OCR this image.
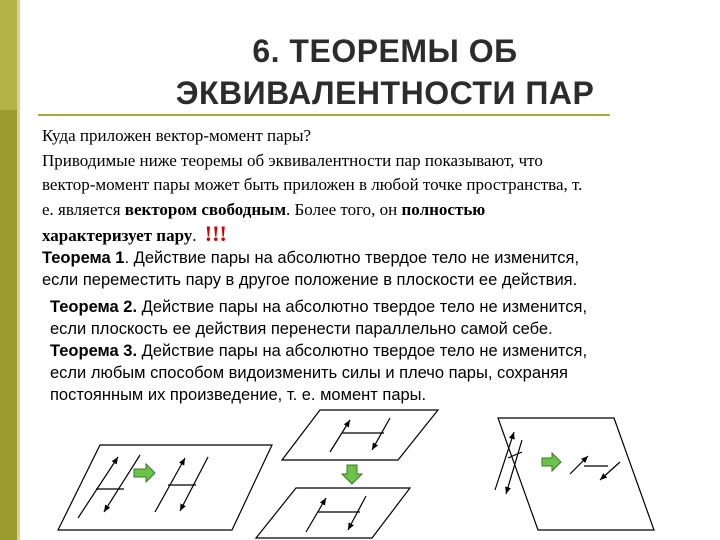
6. ТЕОРЕМЫ ОБ
ЭКВИВАЛЕНТНОСТИ ПАР

Куда приложен вектор-момент пары?

Приводимые ниже теоремы об эквивалентности пар показывают, что

вектор-момент пары может быть приложен в любой точке пространства, т.

е. является вектором свободным. Более того, он полностью

характеризует пару. !!!

Теорема 1. Действие пары на абсолютно твердое тело не изменится,

если переместить пару в другое положение в плоскости ее действия.

Теорема 2. Действие пары на абсолютно твердое тело не изменится,

если плоскость ее действия перенести параллельно самой себе.

Теорема 3. Действие пары на абсолютно твердое тело не изменится,

если любым способом видоизменить силы и плечо пары, сохраняя

постоянным их произведение, т. е. момент пары.
